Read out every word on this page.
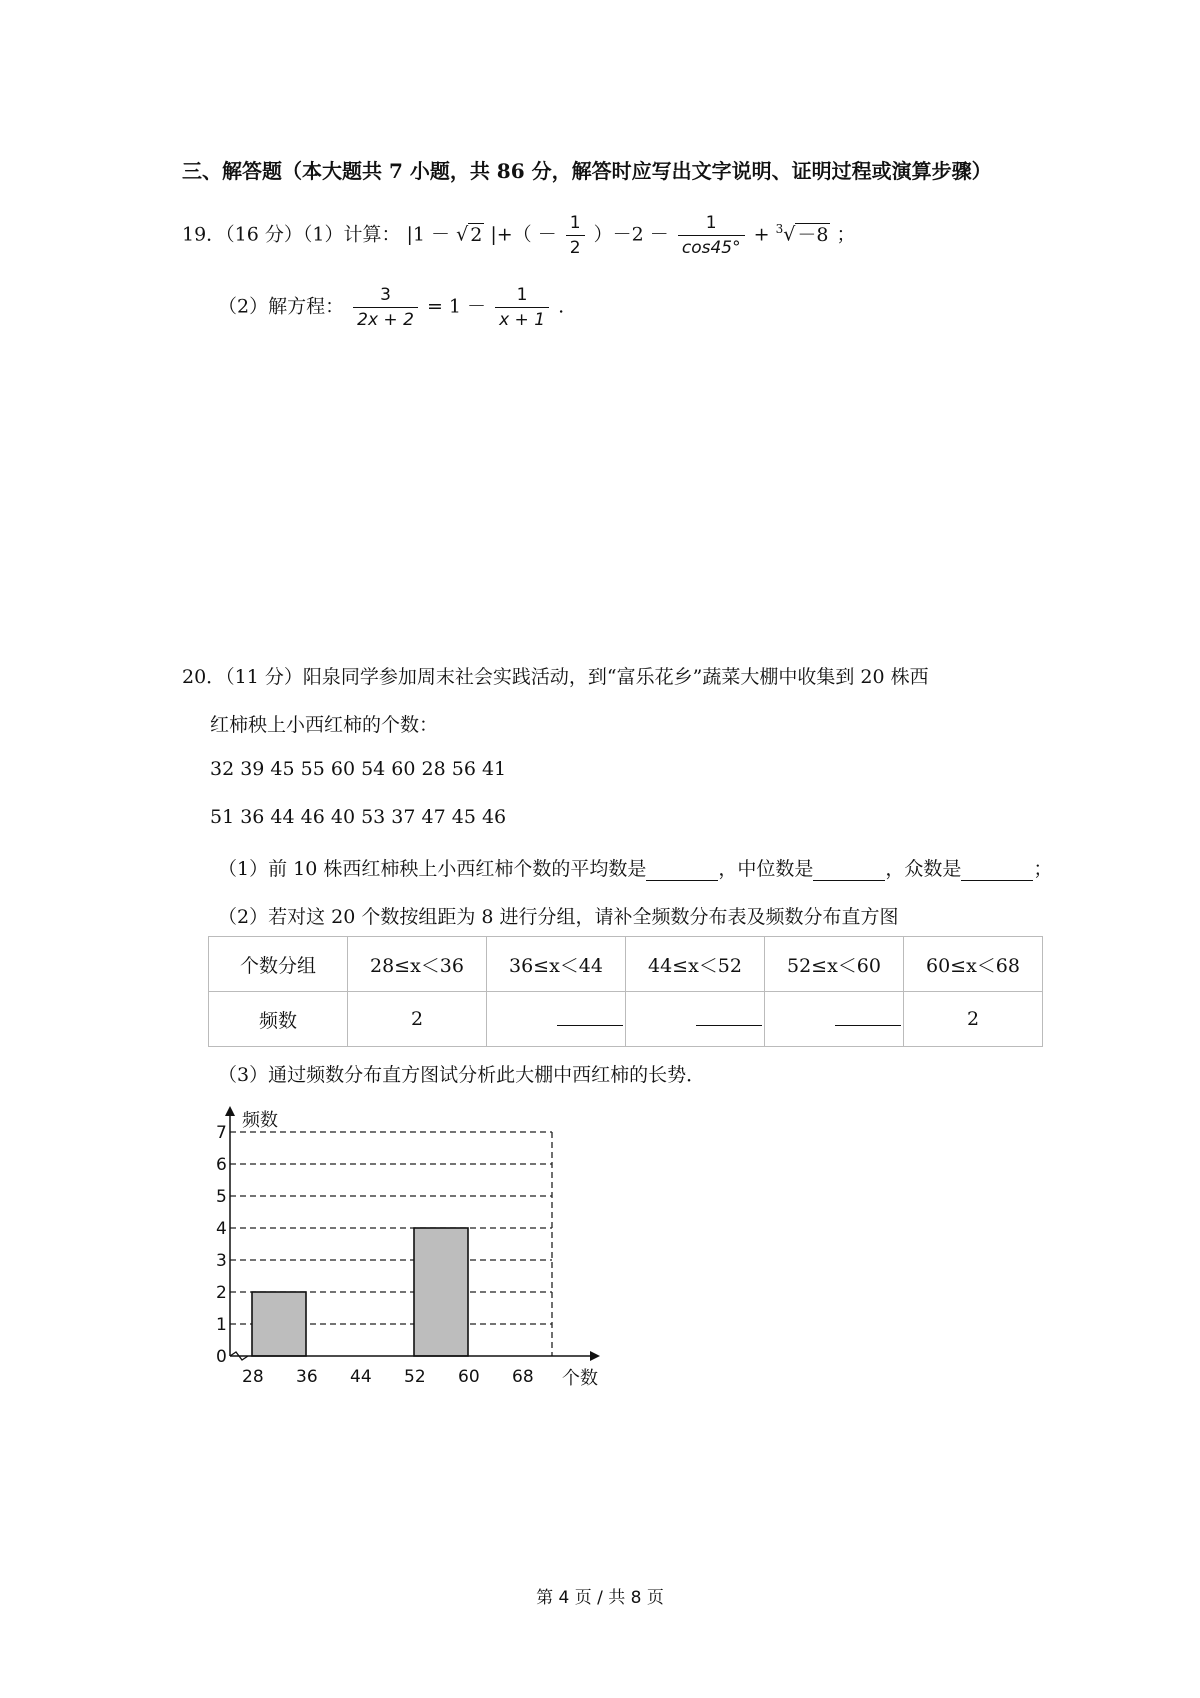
三、解答题（本大题共 7 小题，共 86 分，解答时应写出文字说明、证明过程或演算步骤）
19．（16 分）（1）计算： |1 － √ 2 |+（ － $\frac{1}{2} )-2 - \frac{1}{\cos 45^\circ} + ^3√ -8$ ；
（2）解方程： $\frac{3}{2x + 2} = 1 - \frac{1}{x + 1}$ .
20．（11 分）阳泉同学参加周末社会实践活动，到“富乐花乡”蔬菜大棚中收集到 20 株西
红柿秧上小西红柿的个数：
32 39 45 55 60 54 60 28 56 41
51 36 44 46 40 53 37 47 45 46
（1）前 10 株西红柿秧上小西红柿个数的平均数是	，中位数是	，众数是	；
（2）若对这 20 个数按组距为 8 进行分组，请补全频数分布表及频数分布直方图
个数分组	28≤x＜36	36≤x＜44	44≤x＜52	52≤x＜60	60≤x＜68
频数	2				2
（3）通过频数分布直方图试分析此大棚中西红柿的长势．
0
1
2
3
4
5
6
7
28 36 44 52 60 68
频数
个数
第 4 页 / 共 8 页
